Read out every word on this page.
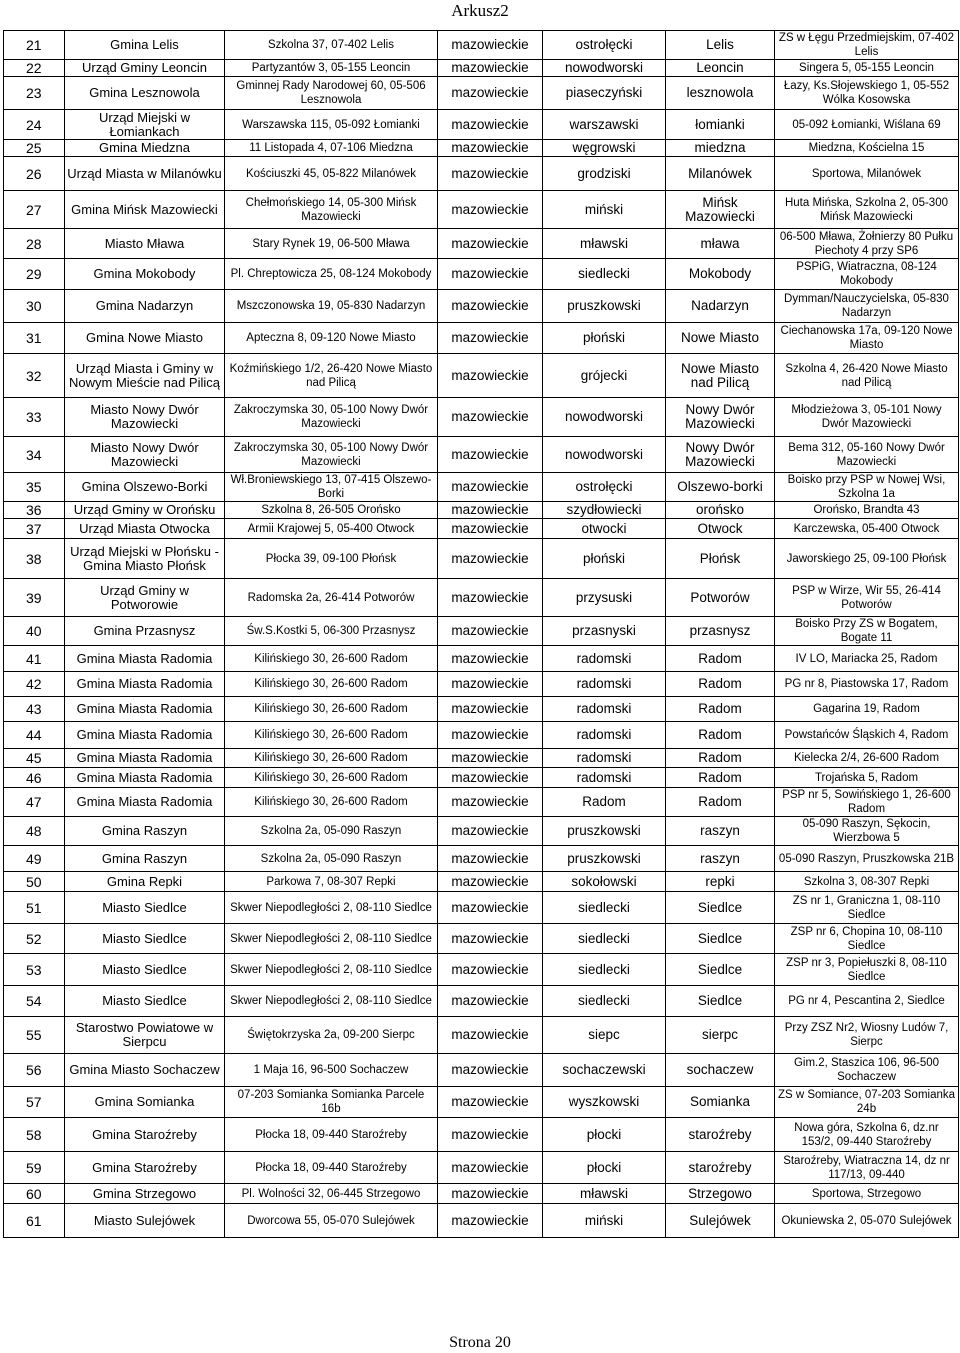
Arkusz2
21	Gmina Lelis	Szkolna 37, 07-402 Lelis	mazowieckie	ostrołęcki	Lelis	ZS w Łęgu Przedmiejskim, 07-402 Lelis
22	Urząd Gminy Leoncin	Partyzantów 3, 05-155 Leoncin	mazowieckie	nowodworski	Leoncin	Singera 5, 05-155 Leoncin
23	Gmina Lesznowola	Gminnej Rady Narodowej 60, 05-506 Lesznowola	mazowieckie	piaseczyński	lesznowola	Łazy, Ks.Słojewskiego 1, 05-552 Wólka Kosowska
24	Urząd Miejski w Łomiankach	Warszawska 115, 05-092 Łomianki	mazowieckie	warszawski	łomianki	05-092 Łomianki, Wiślana 69
25	Gmina Miedzna	11 Listopada 4, 07-106 Miedzna	mazowieckie	węgrowski	miedzna	Miedzna, Kościelna 15
26	Urząd Miasta w Milanówku	Kościuszki 45, 05-822 Milanówek	mazowieckie	grodziski	Milanówek	Sportowa, Milanówek
27	Gmina Mińsk Mazowiecki	Chełmońskiego 14, 05-300 Mińsk Mazowiecki	mazowieckie	miński	Mińsk Mazowiecki	Huta Mińska, Szkolna 2, 05-300 Mińsk Mazowiecki
28	Miasto Mława	Stary Rynek 19, 06-500 Mława	mazowieckie	mławski	mława	06-500 Mława, Żołnierzy 80 Pułku Piechoty 4 przy SP6
29	Gmina Mokobody	Pl. Chreptowicza 25, 08-124 Mokobody	mazowieckie	siedlecki	Mokobody	PSPiG, Wiatraczna, 08-124 Mokobody
30	Gmina Nadarzyn	Mszczonowska 19, 05-830 Nadarzyn	mazowieckie	pruszkowski	Nadarzyn	Dymman/Nauczycielska, 05-830 Nadarzyn
31	Gmina Nowe Miasto	Apteczna 8, 09-120 Nowe Miasto	mazowieckie	płoński	Nowe Miasto	Ciechanowska 17a, 09-120 Nowe Miasto
32	Urząd Miasta i Gminy w Nowym Mieście nad Pilicą	Koźmińskiego 1/2, 26-420 Nowe Miasto nad Pilicą	mazowieckie	grójecki	Nowe Miasto nad Pilicą	Szkolna 4, 26-420 Nowe Miasto nad Pilicą
33	Miasto Nowy Dwór Mazowiecki	Zakroczymska 30, 05-100 Nowy Dwór Mazowiecki	mazowieckie	nowodworski	Nowy Dwór Mazowiecki	Młodzieżowa 3, 05-101 Nowy Dwór Mazowiecki
34	Miasto Nowy Dwór Mazowiecki	Zakroczymska 30, 05-100 Nowy Dwór Mazowiecki	mazowieckie	nowodworski	Nowy Dwór Mazowiecki	Bema 312, 05-160 Nowy Dwór Mazowiecki
35	Gmina Olszewo-Borki	Wł.Broniewskiego 13, 07-415 Olszewo-Borki	mazowieckie	ostrołęcki	Olszewo-borki	Boisko przy PSP w Nowej Wsi, Szkolna 1a
36	Urząd Gminy w Orońsku	Szkolna 8, 26-505 Orońsko	mazowieckie	szydłowiecki	orońsko	Orońsko, Brandta 43
37	Urząd Miasta Otwocka	Armii Krajowej 5, 05-400 Otwock	mazowieckie	otwocki	Otwock	Karczewska, 05-400 Otwock
38	Urząd Miejski w Płońsku - Gmina Miasto Płońsk	Płocka 39, 09-100 Płońsk	mazowieckie	płoński	Płońsk	Jaworskiego 25, 09-100 Płońsk
39	Urząd Gminy w Potworowie	Radomska 2a, 26-414 Potworów	mazowieckie	przysuski	Potworów	PSP w Wirze, Wir 55, 26-414 Potworów
40	Gmina Przasnysz	Św.S.Kostki 5, 06-300 Przasnysz	mazowieckie	przasnyski	przasnysz	Boisko Przy ZS w Bogatem, Bogate 11
41	Gmina Miasta Radomia	Kilińskiego 30, 26-600 Radom	mazowieckie	radomski	Radom	IV LO, Mariacka 25, Radom
42	Gmina Miasta Radomia	Kilińskiego 30, 26-600 Radom	mazowieckie	radomski	Radom	PG nr 8, Piastowska 17, Radom
43	Gmina Miasta Radomia	Kilińskiego 30, 26-600 Radom	mazowieckie	radomski	Radom	Gagarina 19, Radom
44	Gmina Miasta Radomia	Kilińskiego 30, 26-600 Radom	mazowieckie	radomski	Radom	Powstańców Śląskich 4, Radom
45	Gmina Miasta Radomia	Kilińskiego 30, 26-600 Radom	mazowieckie	radomski	Radom	Kielecka 2/4, 26-600 Radom
46	Gmina Miasta Radomia	Kilińskiego 30, 26-600 Radom	mazowieckie	radomski	Radom	Trojańska 5, Radom
47	Gmina Miasta Radomia	Kilińskiego 30, 26-600 Radom	mazowieckie	Radom	Radom	PSP nr 5, Sowińskiego 1, 26-600 Radom
48	Gmina Raszyn	Szkolna 2a, 05-090 Raszyn	mazowieckie	pruszkowski	raszyn	05-090 Raszyn, Sękocin, Wierzbowa 5
49	Gmina Raszyn	Szkolna 2a, 05-090 Raszyn	mazowieckie	pruszkowski	raszyn	05-090 Raszyn, Pruszkowska 21B
50	Gmina Repki	Parkowa 7, 08-307 Repki	mazowieckie	sokołowski	repki	Szkolna 3, 08-307 Repki
51	Miasto Siedlce	Skwer Niepodległości 2, 08-110 Siedlce	mazowieckie	siedlecki	Siedlce	ZS nr 1, Graniczna 1, 08-110 Siedlce
52	Miasto Siedlce	Skwer Niepodległości 2, 08-110 Siedlce	mazowieckie	siedlecki	Siedlce	ZSP nr 6, Chopina 10, 08-110 Siedlce
53	Miasto Siedlce	Skwer Niepodległości 2, 08-110 Siedlce	mazowieckie	siedlecki	Siedlce	ZSP nr 3, Popiełuszki 8, 08-110 Siedlce
54	Miasto Siedlce	Skwer Niepodległości 2, 08-110 Siedlce	mazowieckie	siedlecki	Siedlce	PG nr 4, Pescantina 2, Siedlce
55	Starostwo Powiatowe w Sierpcu	Świętokrzyska 2a, 09-200 Sierpc	mazowieckie	siepc	sierpc	Przy ZSZ Nr2, Wiosny Ludów 7, Sierpc
56	Gmina Miasto Sochaczew	1 Maja 16, 96-500 Sochaczew	mazowieckie	sochaczewski	sochaczew	Gim.2, Staszica 106, 96-500 Sochaczew
57	Gmina Somianka	07-203 Somianka Somianka Parcele 16b	mazowieckie	wyszkowski	Somianka	ZS w Somiance, 07-203 Somianka 24b
58	Gmina Staroźreby	Płocka 18, 09-440 Staroźreby	mazowieckie	płocki	staroźreby	Nowa góra, Szkolna 6, dz.nr 153/2, 09-440 Staroźreby
59	Gmina Staroźreby	Płocka 18, 09-440 Staroźreby	mazowieckie	płocki	staroźreby	Staroźreby, Wiatraczna 14, dz nr 117/13, 09-440
60	Gmina Strzegowo	Pl. Wolności 32, 06-445 Strzegowo	mazowieckie	mławski	Strzegowo	Sportowa, Strzegowo
61	Miasto Sulejówek	Dworcowa 55, 05-070 Sulejówek	mazowieckie	miński	Sulejówek	Okuniewska 2, 05-070 Sulejówek
Strona 20
